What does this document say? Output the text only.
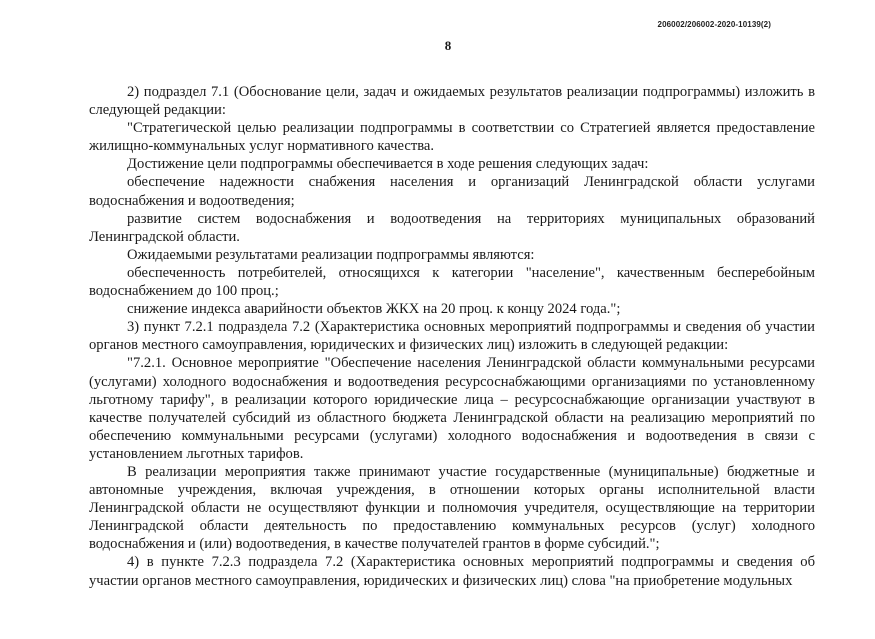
206002/206002-2020-10139(2)
8

2) подраздел 7.1 (Обоснование цели, задач и ожидаемых результатов реализации подпрограммы) изложить в следующей редакции:

"Стратегической целью реализации подпрограммы в соответствии со Стратегией является предоставление жилищно-коммунальных услуг нормативного качества.

Достижение цели подпрограммы обеспечивается в ходе решения следующих задач:

обеспечение надежности снабжения населения и организаций Ленинградской области услугами водоснабжения и водоотведения;

развитие систем водоснабжения и водоотведения на территориях муниципальных образований Ленинградской области.

Ожидаемыми результатами реализации подпрограммы являются:

обеспеченность потребителей, относящихся к категории "население", качественным бесперебойным водоснабжением до 100 проц.;

снижение индекса аварийности объектов ЖКХ на 20 проц. к концу 2024 года.";

3) пункт 7.2.1 подраздела 7.2 (Характеристика основных мероприятий подпрограммы и сведения об участии органов местного самоуправления, юридических и физических лиц) изложить в следующей редакции:

"7.2.1. Основное мероприятие "Обеспечение населения Ленинградской области коммунальными ресурсами (услугами) холодного водоснабжения и водоотведения ресурсоснабжающими организациями по установленному льготному тарифу", в реализации которого юридические лица – ресурсоснабжающие организации участвуют в качестве получателей субсидий из областного бюджета Ленинградской области на реализацию мероприятий по обеспечению коммунальными ресурсами (услугами) холодного водоснабжения и водоотведения в связи с установлением льготных тарифов.

В реализации мероприятия также принимают участие государственные (муниципальные) бюджетные и автономные учреждения, включая учреждения, в отношении которых органы исполнительной власти Ленинградской области не осуществляют функции и полномочия учредителя, осуществляющие на территории Ленинградской области деятельность по предоставлению коммунальных ресурсов (услуг) холодного водоснабжения и (или) водоотведения, в качестве получателей грантов в форме субсидий.";

4) в пункте 7.2.3 подраздела 7.2 (Характеристика основных мероприятий подпрограммы и сведения об участии органов местного самоуправления, юридических и физических лиц) слова "на приобретение модульных
